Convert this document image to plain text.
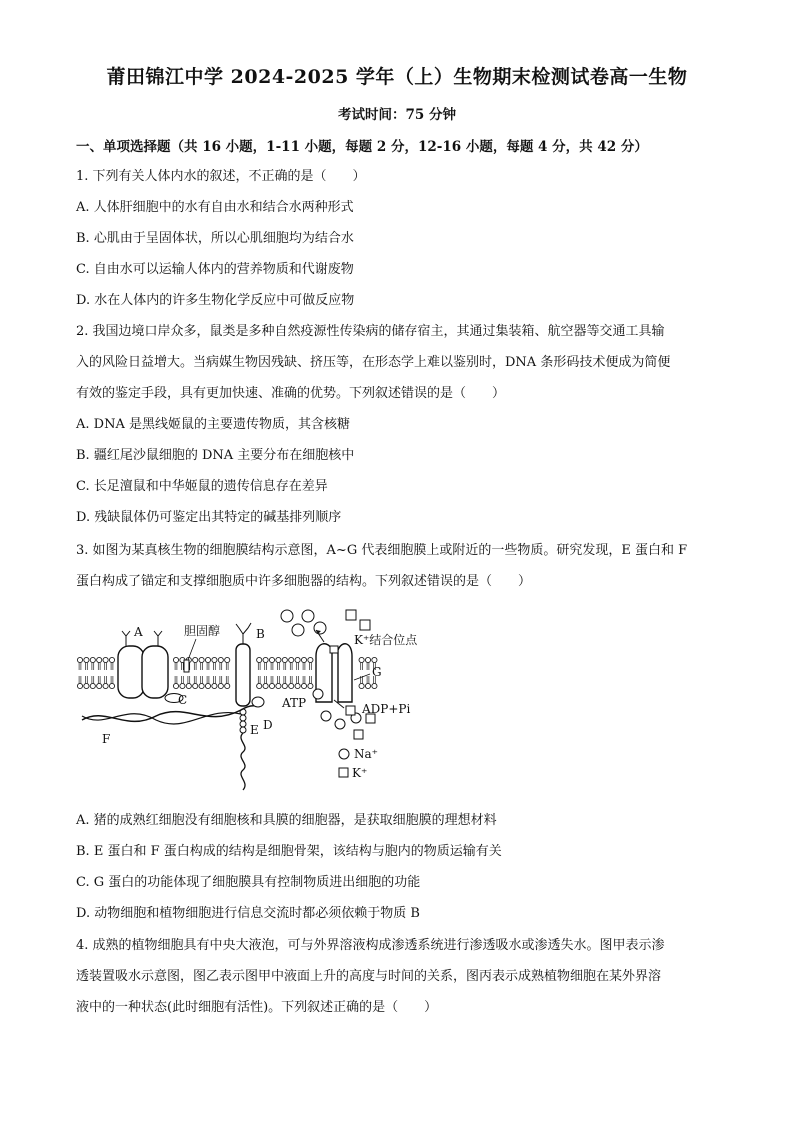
莆田锦江中学 2024-2025 学年（上）生物期末检测试卷高一生物
考试时间：75 分钟
一、单项选择题（共 16 小题，1-11 小题，每题 2 分，12-16 小题，每题 4 分，共 42 分）
1. 下列有关人体内水的叙述，不正确的是（　　）
A. 人体肝细胞中的水有自由水和结合水两种形式
B. 心肌由于呈固体状，所以心肌细胞均为结合水
C. 自由水可以运输人体内的营养物质和代谢废物
D. 水在人体内的许多生物化学反应中可做反应物
2. 我国边境口岸众多，鼠类是多种自然疫源性传染病的储存宿主，其通过集装箱、航空器等交通工具输
入的风险日益增大。当病媒生物因残缺、挤压等，在形态学上难以鉴别时，DNA 条形码技术便成为简便
有效的鉴定手段，具有更加快速、准确的优势。下列叙述错误的是（　　）
A. DNA 是黑线姬鼠的主要遗传物质，其含核糖
B. 疆红尾沙鼠细胞的 DNA 主要分布在细胞核中
C. 长足澶鼠和中华姬鼠的遗传信息存在差异
D. 残缺鼠体仍可鉴定出其特定的碱基排列顺序
3. 如图为某真核生物的细胞膜结构示意图，A~G 代表细胞膜上或附近的一些物质。研究发现，E 蛋白和 F
蛋白构成了锚定和支撑细胞质中许多细胞器的结构。下列叙述错误的是（　　）
A	胆固醇	B	K⁺结合位点
G
C
D
E
F
ATP	ADP+Pi
Na⁺
K⁺
A. 猪的成熟红细胞没有细胞核和具膜的细胞器，是获取细胞膜的理想材料
B. E 蛋白和 F 蛋白构成的结构是细胞骨架，该结构与胞内的物质运输有关
C. G 蛋白的功能体现了细胞膜具有控制物质进出细胞的功能
D. 动物细胞和植物细胞进行信息交流时都必须依赖于物质 B
4. 成熟的植物细胞具有中央大液泡，可与外界溶液构成渗透系统进行渗透吸水或渗透失水。图甲表示渗
透装置吸水示意图，图乙表示图甲中液面上升的高度与时间的关系，图丙表示成熟植物细胞在某外界溶
液中的一种状态(此时细胞有活性)。下列叙述正确的是（　　）
